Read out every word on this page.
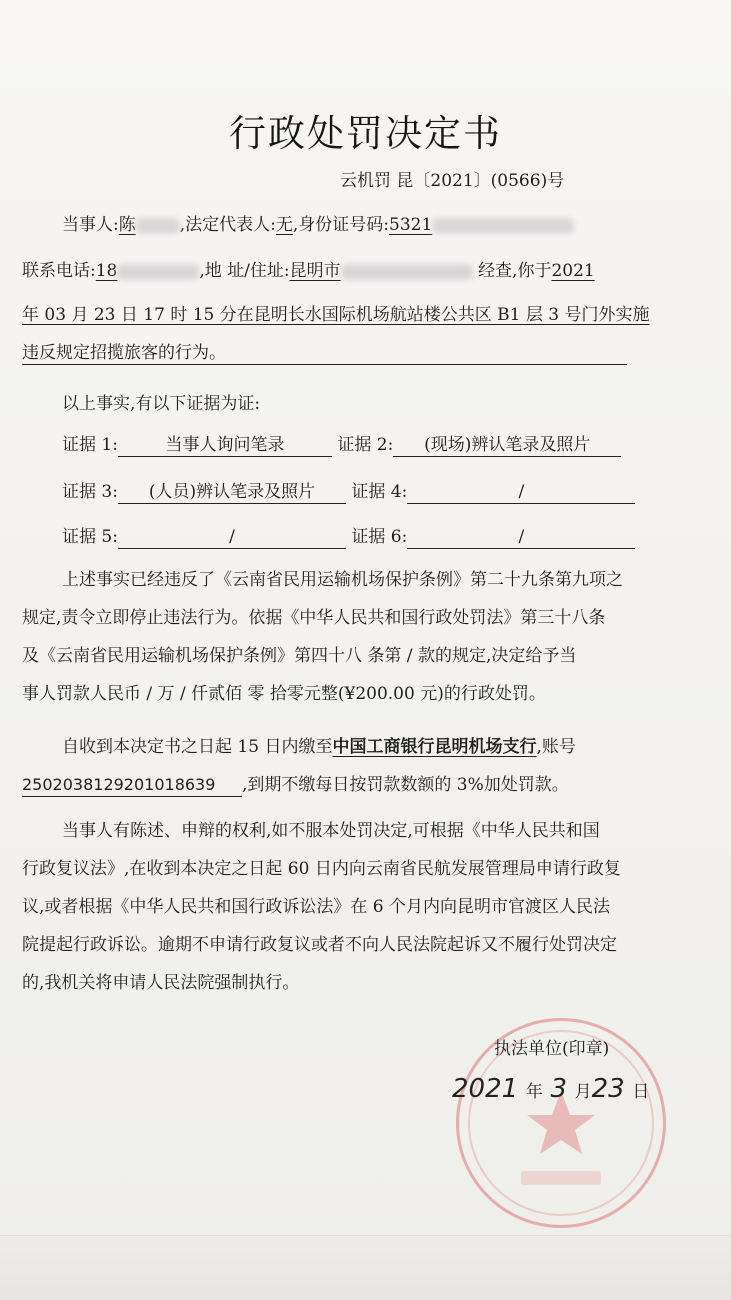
行政处罚决定书
云机罚 昆〔2021〕(0566)号
当事人:陈	,法定代表人:无,身份证号码:5321
联系电话:18	,地 址/住址:昆明市	经查,你于2021
年 03 月 23 日 17 时 15 分在昆明长水国际机场航站楼公共区 B1 层 3 号门外实施
违反规定招揽旅客的行为。
以上事实,有以下证据为证:
证据 1:	当事人询问笔录	证据 2: (现场)辨认笔录及照片
证据 3: (人员)辨认笔录及照片 证据 4:	/
证据 5:	/	证据 6:	/
上述事实已经违反了《云南省民用运输机场保护条例》第二十九条第九项之
规定,责令立即停止违法行为。依据《中华人民共和国行政处罚法》第三十八条
及《云南省民用运输机场保护条例》第四十八 条第 / 款的规定,决定给予当
事人罚款人民币 / 万 / 仟贰佰 零 拾零元整(¥200.00 元)的行政处罚。
自收到本决定书之日起 15 日内缴至中国工商银行昆明机场支行,账号
2502038129201018639 ,到期不缴每日按罚款数额的 3%加处罚款。
当事人有陈述、申辩的权利,如不服本处罚决定,可根据《中华人民共和国
行政复议法》,在收到本决定之日起 60 日内向云南省民航发展管理局申请行政复
议,或者根据《中华人民共和国行政诉讼法》在 6 个月内向昆明市官渡区人民法
院提起行政诉讼。逾期不申请行政复议或者不向人民法院起诉又不履行处罚决定
的,我机关将申请人民法院强制执行。
执法单位(印章)
2021 年 3 月23 日
